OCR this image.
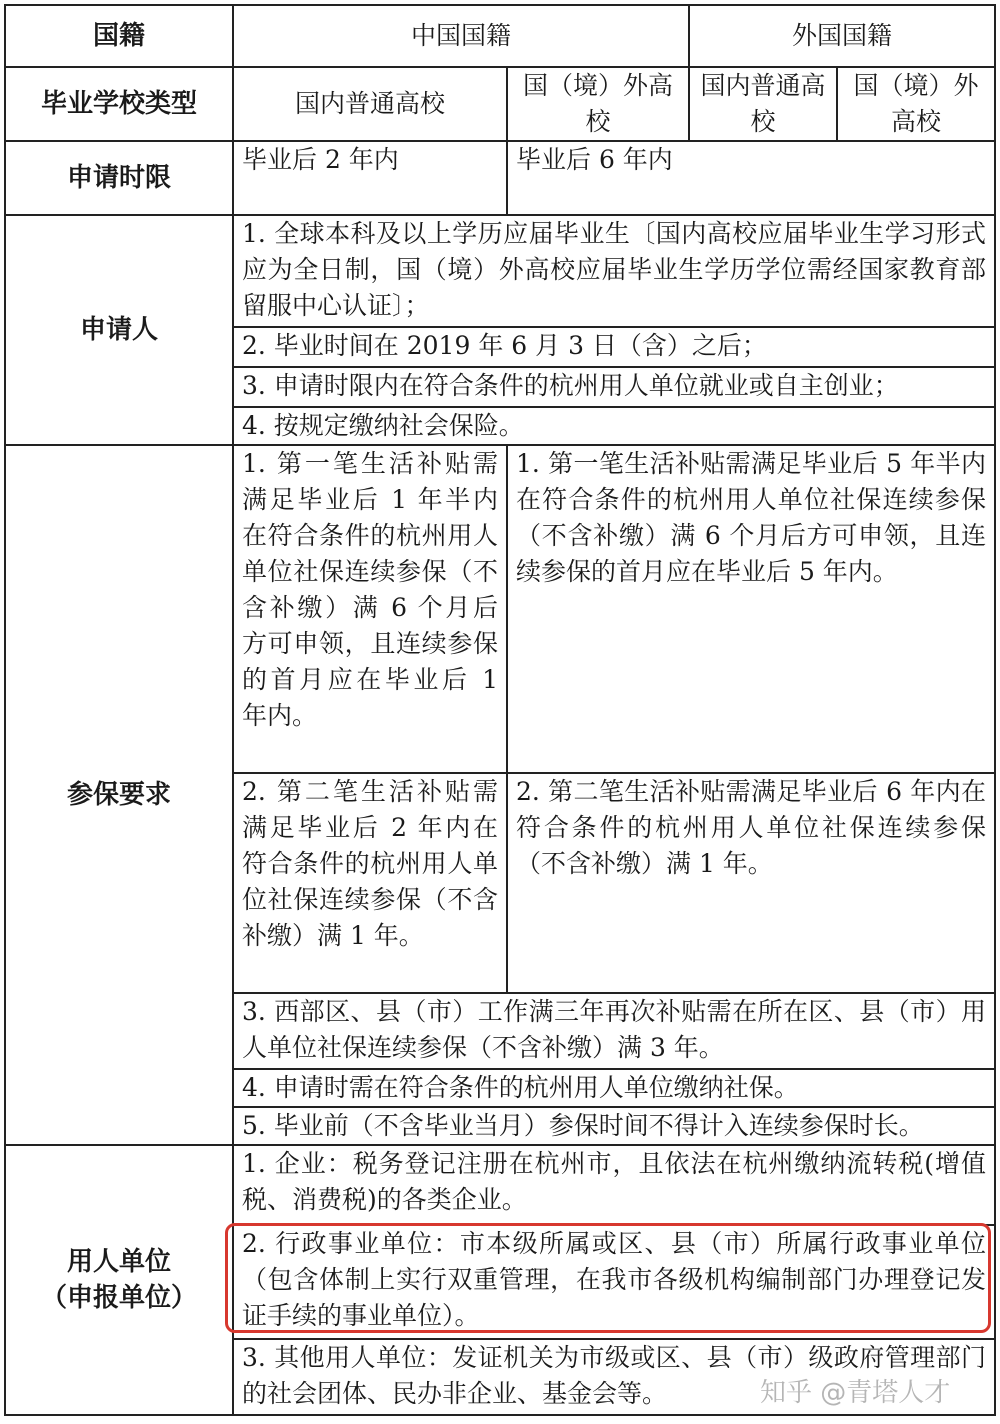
国籍	中国国籍		外国国籍	
毕业学校类型	国内普通高校	国（境）外高校	国内普通高校	国（境）外高校
申请时限	毕业后 2 年内	毕业后 6 年内		
申请人	1. 全球本科及以上学历应届毕业生〔国内高校应届毕业生学习形式应为全日制，国（境）外高校应届毕业生学历学位需经国家教育部留服中心认证〕；			
	2. 毕业时间在 2019 年 6 月 3 日（含）之后；			
	3. 申请时限内在符合条件的杭州用人单位就业或自主创业；			
	4. 按规定缴纳社会保险。			
参保要求	1. 第一笔生活补贴需满足毕业后 1 年半内在符合条件的杭州用人单位社保连续参保（不含补缴）满 6 个月后方可申领，且连续参保的首月应在毕业后 1 年内。	1. 第一笔生活补贴需满足毕业后 5 年半内在符合条件的杭州用人单位社保连续参保（不含补缴）满 6 个月后方可申领，且连续参保的首月应在毕业后 5 年内。		
	2. 第二笔生活补贴需满足毕业后 2 年内在符合条件的杭州用人单位社保连续参保（不含补缴）满 1 年。	2. 第二笔生活补贴需满足毕业后 6 年内在符合条件的杭州用人单位社保连续参保（不含补缴）满 1 年。		
	3. 西部区、县（市）工作满三年再次补贴需在所在区、县（市）用人单位社保连续参保（不含补缴）满 3 年。			
	4. 申请时需在符合条件的杭州用人单位缴纳社保。			
	5. 毕业前（不含毕业当月）参保时间不得计入连续参保时长。			

用人单位
（申报单位）	1. 企业：税务登记注册在杭州市，且依法在杭州缴纳流转税(增值税、消费税)的各类企业。			
	2. 行政事业单位：市本级所属或区、县（市）所属行政事业单位（包含体制上实行双重管理，在我市各级机构编制部门办理登记发证手续的事业单位）。			
	3. 其他用人单位：发证机关为市级或区、县（市）级政府管理部门的社会团体、民办非企业、基金会等。				知乎 @青塔人才
